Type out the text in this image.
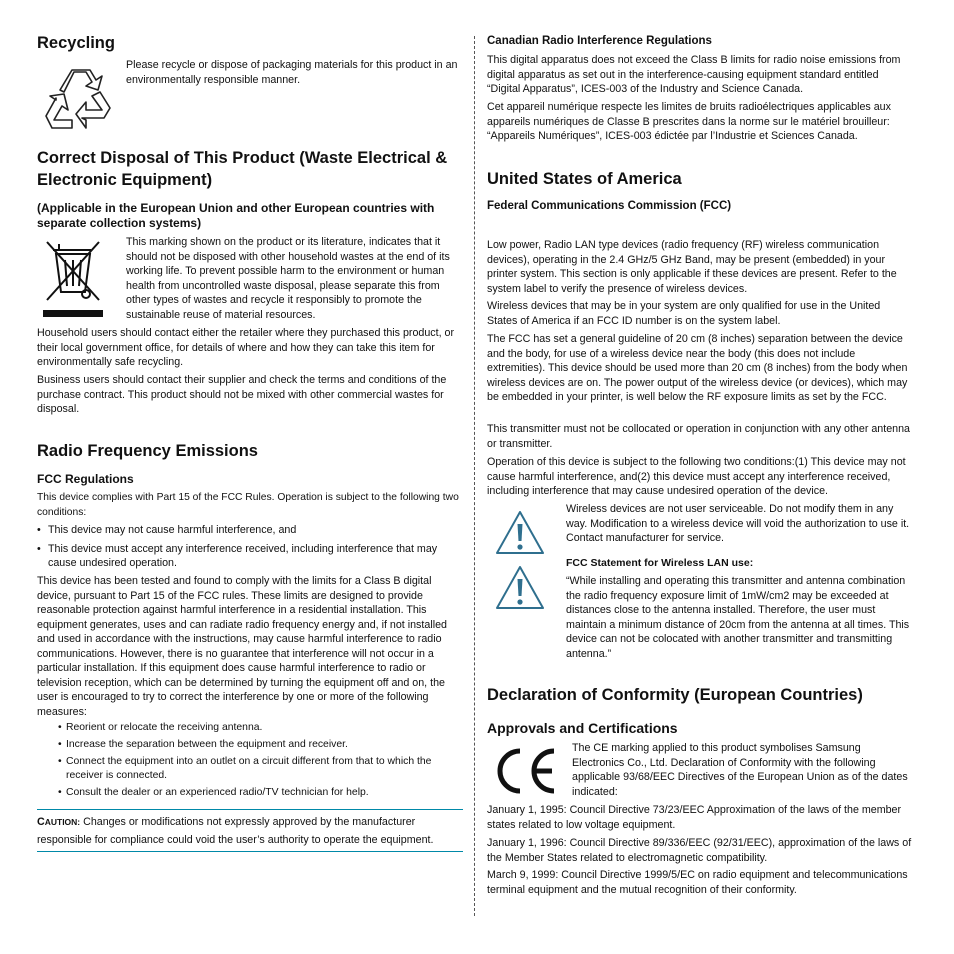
Recycling

Please recycle or dispose of packaging materials for this product in an environmentally responsible manner.

Correct Disposal of This Product (Waste Electrical & Electronic Equipment)
(Applicable in the European Union and other European countries with separate collection systems)

This marking shown on the product or its literature, indicates that it should not be disposed with other household wastes at the end of its working life. To prevent possible harm to the environment or human health from uncontrolled waste disposal, please separate this from other types of wastes and recycle it responsibly to promote the sustainable reuse of material resources.

Household users should contact either the retailer where they purchased this product, or their local government office, for details of where and how they can take this item for environmentally safe recycling.

Business users should contact their supplier and check the terms and conditions of the purchase contract. This product should not be mixed with other commercial wastes for disposal.

Radio Frequency Emissions
FCC Regulations

This device complies with Part 15 of the FCC Rules. Operation is subject to the following two conditions:

• This device may not cause harmful interference, and
• This device must accept any interference received, including interference that may cause undesired operation.

This device has been tested and found to comply with the limits for a Class B digital device, pursuant to Part 15 of the FCC rules. These limits are designed to provide reasonable protection against harmful interference in a residential installation. This equipment generates, uses and can radiate radio frequency energy and, if not installed and used in accordance with the instructions, may cause harmful interference to radio communications. However, there is no guarantee that interference will not occur in a particular installation. If this equipment does cause harmful interference to radio or television reception, which can be determined by turning the equipment off and on, the user is encouraged to try to correct the interference by one or more of the following measures:

• Reorient or relocate the receiving antenna.
• Increase the separation between the equipment and receiver.
• Connect the equipment into an outlet on a circuit different from that to which the receiver is connected.
• Consult the dealer or an experienced radio/TV technician for help.
CAUTION: Changes or modifications not expressly approved by the manufacturer responsible for compliance could void the user’s authority to operate the equipment.
Canadian Radio Interference Regulations

This digital apparatus does not exceed the Class B limits for radio noise emissions from digital apparatus as set out in the interference-causing equipment standard entitled “Digital Apparatus”, ICES-003 of the Industry and Science Canada.

Cet appareil numérique respecte les limites de bruits radioélectriques applicables aux appareils numériques de Classe B prescrites dans la norme sur le matériel brouilleur: “Appareils Numériques”, ICES-003 édictée par l’Industrie et Sciences Canada.

United States of America
Federal Communications Commission (FCC)

Low power, Radio LAN type devices (radio frequency (RF) wireless communication devices), operating in the 2.4 GHz/5 GHz Band, may be present (embedded) in your printer system. This section is only applicable if these devices are present. Refer to the system label to verify the presence of wireless devices.

Wireless devices that may be in your system are only qualified for use in the United States of America if an FCC ID number is on the system label.

The FCC has set a general guideline of 20 cm (8 inches) separation between the device and the body, for use of a wireless device near the body (this does not include extremities). This device should be used more than 20 cm (8 inches) from the body when wireless devices are on. The power output of the wireless device (or devices), which may be embedded in your printer, is well below the RF exposure limits as set by the FCC.

This transmitter must not be collocated or operation in conjunction with any other antenna or transmitter.

Operation of this device is subject to the following two conditions:(1) This device may not cause harmful interference, and(2) this device must accept any interference received, including interference that may cause undesired operation of the device.

Wireless devices are not user serviceable. Do not modify them in any way. Modification to a wireless device will void the authorization to use it. Contact manufacturer for service.

FCC Statement for Wireless LAN use:

“While installing and operating this transmitter and antenna combination the radio frequency exposure limit of 1mW/cm2 may be exceeded at distances close to the antenna installed. Therefore, the user must maintain a minimum distance of 20cm from the antenna at all times. This device can not be colocated with another transmitter and transmitting antenna.”

Declaration of Conformity (European Countries)
Approvals and Certifications

The CE marking applied to this product symbolises Samsung Electronics Co., Ltd. Declaration of Conformity with the following applicable 93/68/EEC Directives of the European Union as of the dates indicated:

January 1, 1995: Council Directive 73/23/EEC Approximation of the laws of the member states related to low voltage equipment.

January 1, 1996: Council Directive 89/336/EEC (92/31/EEC), approximation of the laws of the Member States related to electromagnetic compatibility.

March 9, 1999: Council Directive 1999/5/EC on radio equipment and telecommunications terminal equipment and the mutual recognition of their conformity.
